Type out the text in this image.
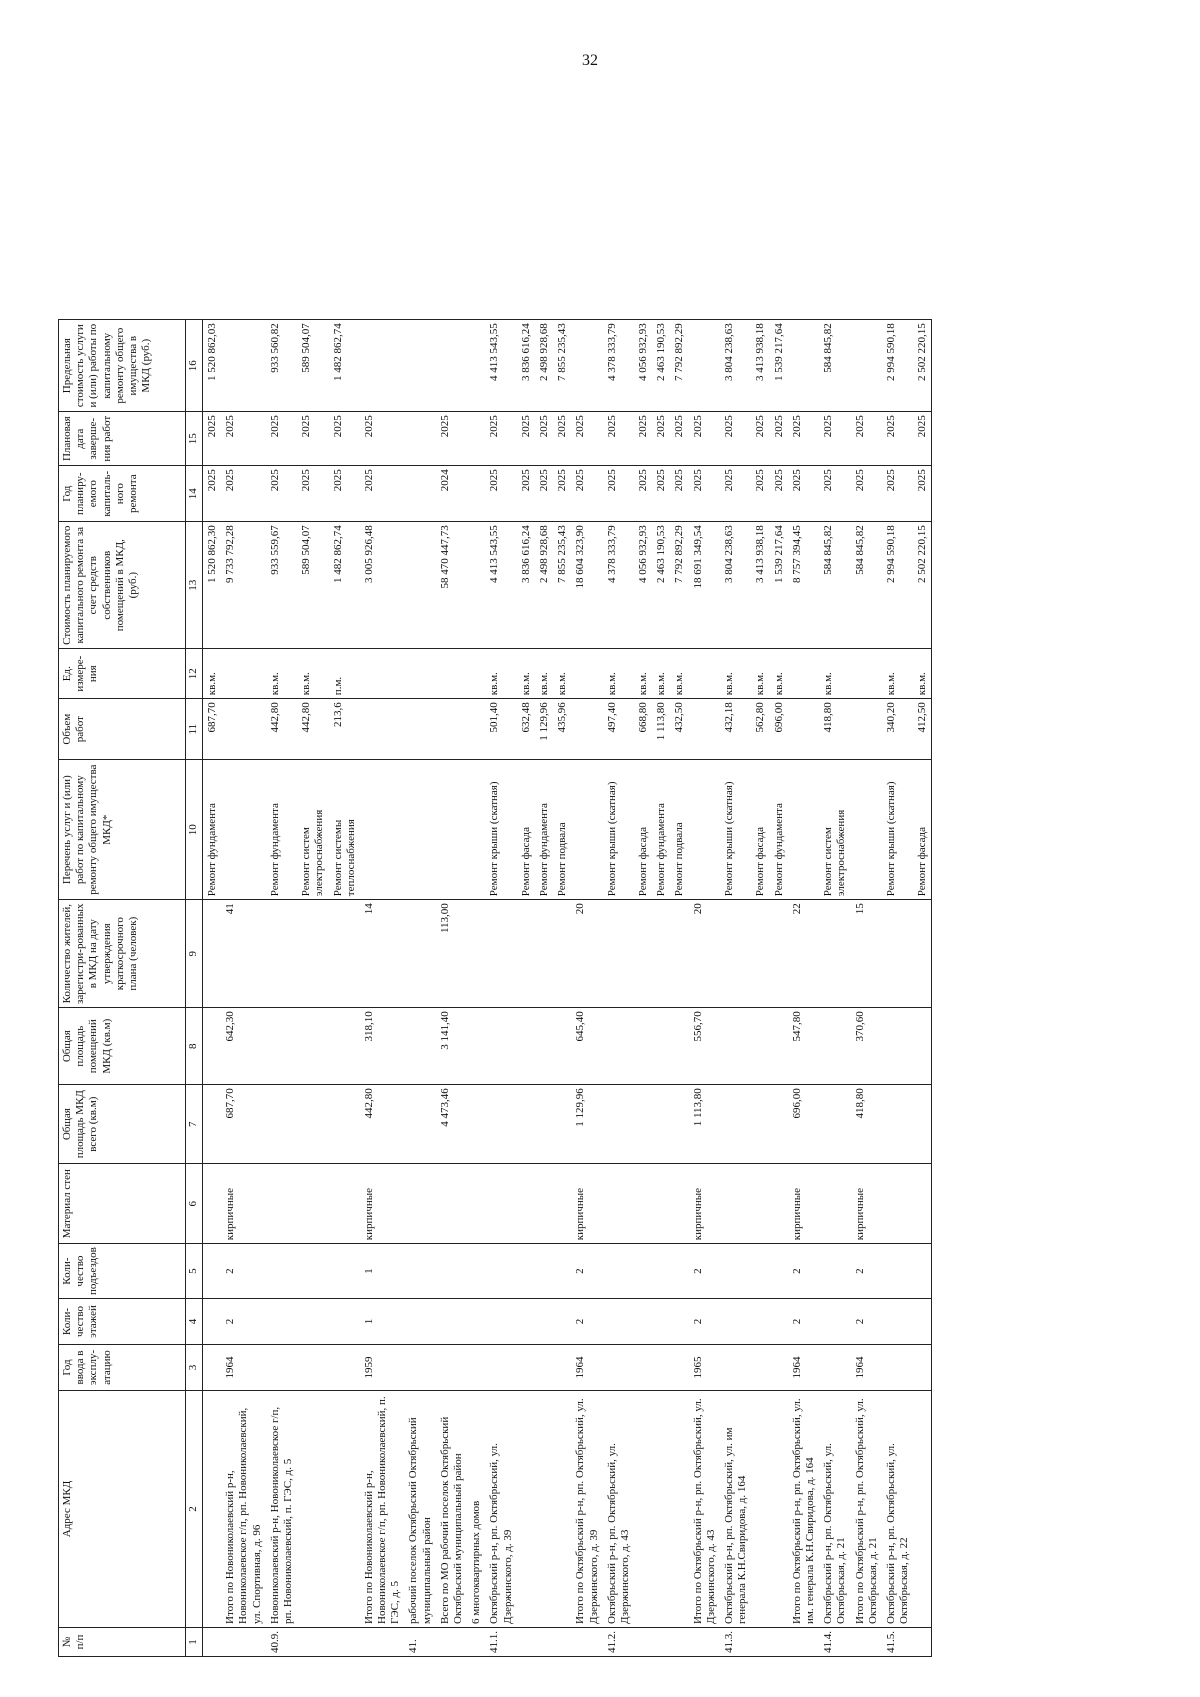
32
№ п/п	Адрес МКД	Год ввода в эксплу-атацию	Коли-чество этажей	Коли-чество подъездов	Материал стен	Общая площадь МКД всего (кв.м)	Общая площадь помещений МКД (кв.м)	Количество жителей, зарегистри-рованных в МКД на дату утверждения краткосрочного плана (человек)	Перечень услуг и (или) работ по капитальному ремонту общего имущества МКД*	Объем работ	Ед. измере-ния	Стоимость планируемого капитального ремонта за счет средств собственников помещений в МКД, (руб.)	Год планиру-емого капиталь-ного ремонта	Плановая дата заверше-ния работ	Предельная стоимость услуги и (или) работы по капитальному ремонту общего имущества в МКД (руб.)
1	2	3	4	5	6	7	8	9	10	11	12	13	14	15	16
									Ремонт фундамента	687,70	кв.м.	1 520 862,30	2025	2025	1 520 862,03
	Итого по Новониколаевский р-н, Новониколаевское г/п, рп. Новониколаевский, ул. Спортивная, д. 96	1964	2	2	кирпичные	687,70	642,30	41				9 733 792,28	2025	2025	
40.9.	Новониколаевский р-н, Новониколаевское г/п, рп. Новониколаевский, п. ГЭС, д. 5								Ремонт фундамента	442,80	кв.м.	933 559,67	2025	2025	933 560,82
									Ремонт систем электроснабжения	442,80	кв.м.	589 504,07	2025	2025	589 504,07
									Ремонт системы теплоснабжения	213,6	п.м.	1 482 862,74	2025	2025	1 482 862,74
	Итого по Новониколаевский р-н, Новониколаевское г/п, рп. Новониколаевский, п. ГЭС, д. 5	1959	1	1	кирпичные	442,80	318,10	14				3 005 926,48	2025	2025	
41.	рабочий поселок Октябрьский Октябрьский муниципальный район														
	Всего по МО рабочий поселок Октябрьский Октябрьский муниципальный район					4 473,46	3 141,40	113,00				58 470 447,73	2024	2025	
	6 многоквартирных домов														
41.1.	Октябрьский р-н, рп. Октябрьский, ул. Дзержинского, д. 39								Ремонт крыши (скатная)	501,40	кв.м.	4 413 543,55	2025	2025	4 413 543,55
									Ремонт фасада	632,48	кв.м.	3 836 616,24	2025	2025	3 836 616,24
									Ремонт фундамента	1 129,96	кв.м.	2 498 928,68	2025	2025	2 498 928,68
									Ремонт подвала	435,96	кв.м.	7 855 235,43	2025	2025	7 855 235,43
	Итого по Октябрьский р-н, рп. Октябрьский, ул. Дзержинского, д. 39	1964	2	2	кирпичные	1 129,96	645,40	20				18 604 323,90	2025	2025	
41.2.	Октябрьский р-н, рп. Октябрьский, ул. Дзержинского, д. 43								Ремонт крыши (скатная)	497,40	кв.м.	4 378 333,79	2025	2025	4 378 333,79
									Ремонт фасада	668,80	кв.м.	4 056 932,93	2025	2025	4 056 932,93
									Ремонт фундамента	1 113,80	кв.м.	2 463 190,53	2025	2025	2 463 190,53
									Ремонт подвала	432,50	кв.м.	7 792 892,29	2025	2025	7 792 892,29
	Итого по Октябрьский р-н, рп. Октябрьский, ул. Дзержинского, д. 43	1965	2	2	кирпичные	1 113,80	556,70	20				18 691 349,54	2025	2025	
41.3.	Октябрьский р-н, рп. Октябрьский, ул. им генерала К.Н.Свиридова, д. 164								Ремонт крыши (скатная)	432,18	кв.м.	3 804 238,63	2025	2025	3 804 238,63
									Ремонт фасада	562,80	кв.м.	3 413 938,18	2025	2025	3 413 938,18
									Ремонт фундамента	696,00	кв.м.	1 539 217,64	2025	2025	1 539 217,64
	Итого по Октябрьский р-н, рп. Октябрьский, ул. им. генерала К.Н.Свиридова, д. 164	1964	2	2	кирпичные	696,00	547,80	22				8 757 394,45	2025	2025	
41.4.	Октябрьский р-н, рп. Октябрьский, ул. Октябрьская, д. 21								Ремонт систем электроснабжения	418,80	кв.м.	584 845,82	2025	2025	584 845,82
	Итого по Октябрьский р-н, рп. Октябрьский, ул. Октябрьская, д. 21	1964	2	2	кирпичные	418,80	370,60	15				584 845,82	2025	2025	
41.5.	Октябрьский р-н, рп. Октябрьский, ул. Октябрьская, д. 22								Ремонт крыши (скатная)	340,20	кв.м.	2 994 590,18	2025	2025	2 994 590,18
									Ремонт фасада	412,50	кв.м.	2 502 220,15	2025	2025	2 502 220,15
